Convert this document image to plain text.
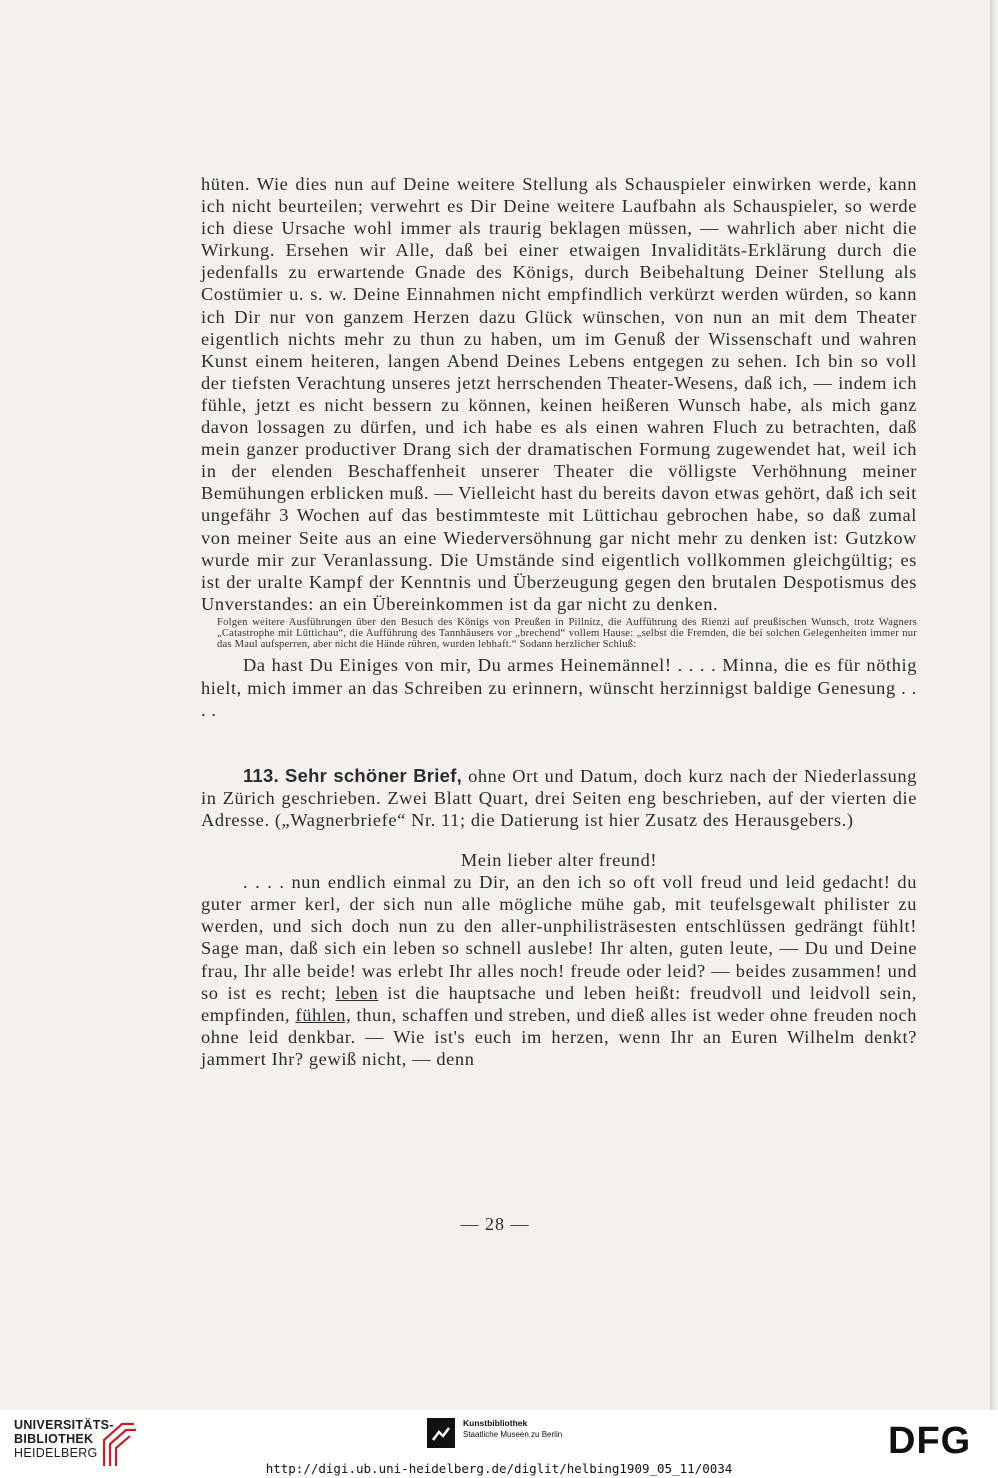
hüten. Wie dies nun auf Deine weitere Stellung als Schauspieler einwirken werde, kann ich nicht beurteilen; verwehrt es Dir Deine weitere Laufbahn als Schauspieler, so werde ich diese Ursache wohl immer als traurig beklagen müssen, — wahrlich aber nicht die Wirkung. Ersehen wir Alle, daß bei einer etwaigen Invaliditäts-Erklärung durch die jedenfalls zu erwartende Gnade des Königs, durch Beibehaltung Deiner Stellung als Costümier u. s. w. Deine Einnahmen nicht empfindlich verkürzt werden würden, so kann ich Dir nur von ganzem Herzen dazu Glück wünschen, von nun an mit dem Theater eigentlich nichts mehr zu thun zu haben, um im Genuß der Wissenschaft und wahren Kunst einem heiteren, langen Abend Deines Lebens entgegen zu sehen. Ich bin so voll der tiefsten Verachtung unseres jetzt herrschenden Theater-Wesens, daß ich, — indem ich fühle, jetzt es nicht bessern zu können, keinen heißeren Wunsch habe, als mich ganz davon lossagen zu dürfen, und ich habe es als einen wahren Fluch zu betrachten, daß mein ganzer productiver Drang sich der dramatischen Formung zugewendet hat, weil ich in der elenden Beschaffenheit unserer Theater die völligste Verhöhnung meiner Bemühungen erblicken muß. — Vielleicht hast du bereits davon etwas gehört, daß ich seit ungefähr 3 Wochen auf das bestimmteste mit Lüttichau gebrochen habe, so daß zumal von meiner Seite aus an eine Wiederversöhnung gar nicht mehr zu denken ist: Gutzkow wurde mir zur Veranlassung. Die Umstände sind eigentlich vollkommen gleichgültig; es ist der uralte Kampf der Kenntnis und Überzeugung gegen den brutalen Despotismus des Unverstandes: an ein Übereinkommen ist da gar nicht zu denken.

Folgen weitere Ausführungen über den Besuch des Königs von Preußen in Pillnitz, die Aufführung des Rienzi auf preußischen Wunsch, trotz Wagners „Catastrophe mit Lüttichau“, die Aufführung des Tannhäusers vor „brechend“ vollem Hause: „selbst die Fremden, die bei solchen Gelegenheiten immer nur das Maul aufsperren, aber nicht die Hände rühren, wurden lebhaft.“ Sodann herzlicher Schluß:

Da hast Du Einiges von mir, Du armes Heinemännel! . . . . Minna, die es für nöthig hielt, mich immer an das Schreiben zu erinnern, wünscht herzinnigst baldige Genesung . . . .

113. Sehr schöner Brief, ohne Ort und Datum, doch kurz nach der Niederlassung in Zürich geschrieben. Zwei Blatt Quart, drei Seiten eng beschrieben, auf der vierten die Adresse. („Wagnerbriefe“ Nr. 11; die Datierung ist hier Zusatz des Herausgebers.)

Mein lieber alter freund!

. . . . nun endlich einmal zu Dir, an den ich so oft voll freud und leid gedacht! du guter armer kerl, der sich nun alle mögliche mühe gab, mit teufelsgewalt philister zu werden, und sich doch nun zu den aller-unphilisträsesten entschlüssen gedrängt fühlt! Sage man, daß sich ein leben so schnell auslebe! Ihr alten, guten leute, — Du und Deine frau, Ihr alle beide! was erlebt Ihr alles noch! freude oder leid? — beides zusammen! und so ist es recht; leben ist die hauptsache und leben heißt: freudvoll und leidvoll sein, empfinden, fühlen, thun, schaffen und streben, und dieß alles ist weder ohne freuden noch ohne leid denkbar. — Wie ist's euch im herzen, wenn Ihr an Euren Wilhelm denkt? jammert Ihr? gewiß nicht, — denn

— 28 —
UNIVERSITÄTS-
BIBLIOTHEK
HEIDELBERG
Kunstbibliothek
Staatliche Museen zu Berlin	DFG
http://digi.ub.uni-heidelberg.de/diglit/helbing1909_05_11/0034
